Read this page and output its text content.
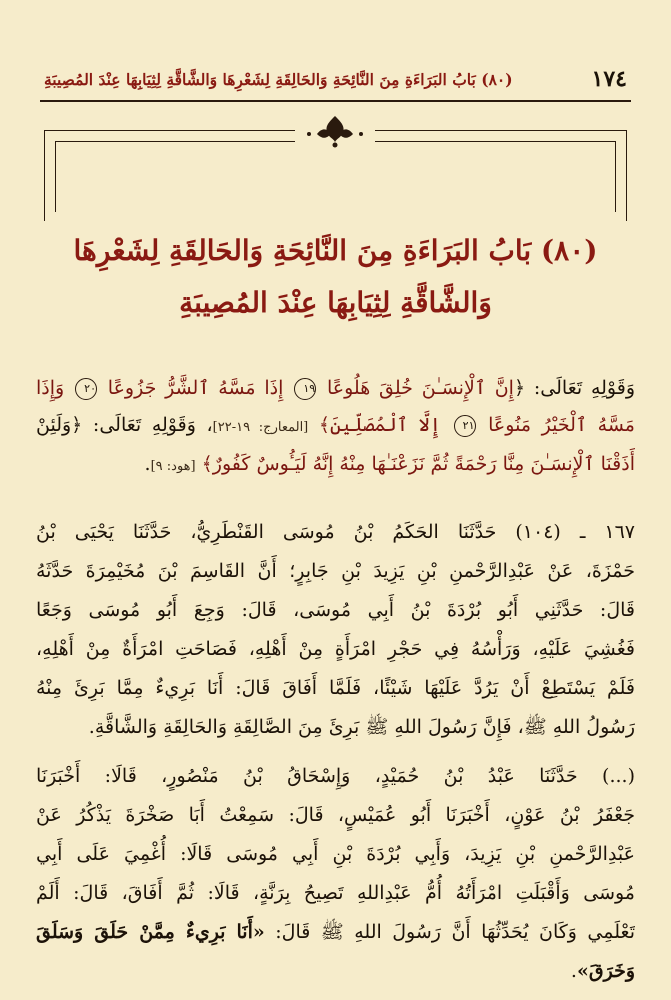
١٧٤
(٨٠) بَابُ البَرَاءَةِ مِنَ النَّائِحَةِ وَالحَالِقَةِ لِشَعْرِهَا وَالشَّاقَّةِ لِثِيَابِهَا عِنْدَ المُصِيبَةِ
(٨٠) بَابُ البَرَاءَةِ مِنَ النَّائِحَةِ وَالحَالِقَةِ لِشَعْرِهَا
وَالشَّاقَّةِ لِثِيَابِهَا عِنْدَ المُصِيبَةِ
وَقَوْلِهِ تَعَالَى: ﴿إِنَّ ٱلْإِنسَـٰنَ خُلِقَ هَلُوعًا ١٩ إِذَا مَسَّهُ ٱلشَّرُّ جَزُوعًا ٢٠ وَإِذَا
مَسَّهُ ٱلْخَيْرُ مَنُوعًا ٢١ إِلَّا ٱلْمُصَلِّينَ﴾ [المعارج: ١٩-٢٢]، وَقَوْلِهِ تَعَالَى: ﴿وَلَئِنْ
أَذَقْنَا ٱلْإِنسَـٰنَ مِنَّا رَحْمَةً ثُمَّ نَزَعْنَـٰهَا مِنْهُ إِنَّهُ لَيَـُٔوسٌ كَفُورٌ﴾ [هود: ٩].
١٦٧ ـ (١٠٤) حَدَّثَنَا الحَكَمُ بْنُ مُوسَى القَنْطَرِيُّ، حَدَّثَنَا يَحْيَى بْنُ
حَمْزَةَ، عَنْ عَبْدِالرَّحْمنِ بْنِ يَزِيدَ بْنِ جَابِرٍ؛ أَنَّ القَاسِمَ بْنَ مُخَيْمِرَةَ حَدَّثَهُ
قَالَ: حَدَّثَنِي أَبُو بُرْدَةَ بْنُ أَبِي مُوسَى، قَالَ: وَجِعَ أَبُو مُوسَى وَجَعًا
فَغُشِيَ عَلَيْهِ، وَرَأْسُهُ فِي حَجْرِ امْرَأَةٍ مِنْ أَهْلِهِ، فَصَاحَتِ امْرَأَةٌ مِنْ أَهْلِهِ،
فَلَمْ يَسْتَطِعْ أَنْ يَرُدَّ عَلَيْهَا شَيْئًا، فَلَمَّا أَفَاقَ قَالَ: أَنَا بَرِيءٌ مِمَّا بَرِئَ مِنْهُ
رَسُولُ اللهِ ﷺ، فَإِنَّ رَسُولَ اللهِ ﷺ بَرِئَ مِنَ الصَّالِقَةِ وَالحَالِقَةِ وَالشَّاقَّةِ.
(...) حَدَّثَنَا عَبْدُ بْنُ حُمَيْدٍ، وَإِسْحَاقُ بْنُ مَنْصُورٍ، قَالَا: أَخْبَرَنَا
جَعْفَرُ بْنُ عَوْنٍ، أَخْبَرَنَا أَبُو عُمَيْسٍ، قَالَ: سَمِعْتُ أَبَا صَخْرَةَ يَذْكُرُ عَنْ
عَبْدِالرَّحْمنِ بْنِ يَزِيدَ، وَأَبِي بُرْدَةَ بْنِ أَبِي مُوسَى قَالَا: أُغْمِيَ عَلَى أَبِي
مُوسَى وَأَقْبَلَتِ امْرَأَتُهُ أُمُّ عَبْدِاللهِ تَصِيحُ بِرَنَّةٍ، قَالَا: ثُمَّ أَفَاقَ، قَالَ: أَلَمْ
تَعْلَمِي وَكَانَ يُحَدِّثُهَا أَنَّ رَسُولَ اللهِ ﷺ قَالَ: «أَنَا بَرِيءٌ مِمَّنْ حَلَقَ وَسَلَقَ
وَخَرَقَ».
